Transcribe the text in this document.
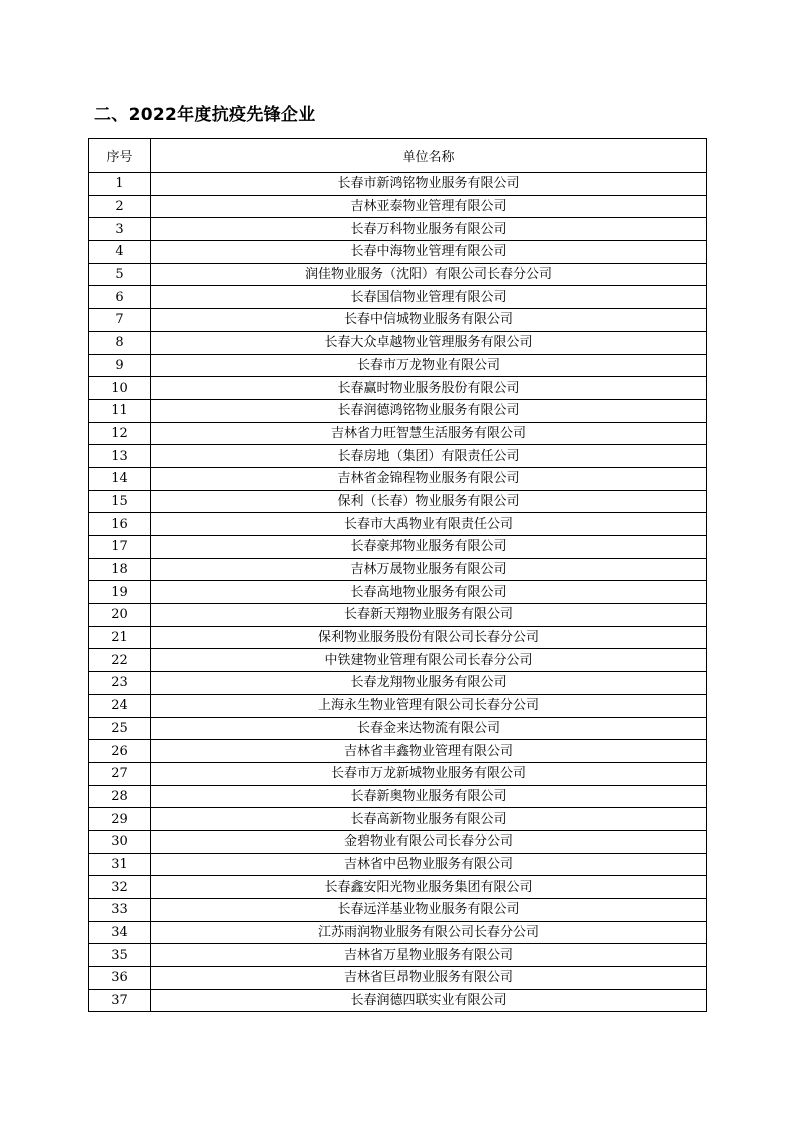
二、2022年度抗疫先锋企业
序号	单位名称
1	长春市新鸿铭物业服务有限公司
2	吉林亚泰物业管理有限公司
3	长春万科物业服务有限公司
4	长春中海物业管理有限公司
5	润佳物业服务（沈阳）有限公司长春分公司
6	长春国信物业管理有限公司
7	长春中信城物业服务有限公司
8	长春大众卓越物业管理服务有限公司
9	长春市万龙物业有限公司
10	长春赢时物业服务股份有限公司
11	长春润德鸿铭物业服务有限公司
12	吉林省力旺智慧生活服务有限公司
13	长春房地（集团）有限责任公司
14	吉林省金锦程物业服务有限公司
15	保利（长春）物业服务有限公司
16	长春市大禹物业有限责任公司
17	长春豪邦物业服务有限公司
18	吉林万晟物业服务有限公司
19	长春高地物业服务有限公司
20	长春新天翔物业服务有限公司
21	保利物业服务股份有限公司长春分公司
22	中铁建物业管理有限公司长春分公司
23	长春龙翔物业服务有限公司
24	上海永生物业管理有限公司长春分公司
25	长春金来达物流有限公司
26	吉林省丰鑫物业管理有限公司
27	长春市万龙新城物业服务有限公司
28	长春新奥物业服务有限公司
29	长春高新物业服务有限公司
30	金碧物业有限公司长春分公司
31	吉林省中邑物业服务有限公司
32	长春鑫安阳光物业服务集团有限公司
33	长春远洋基业物业服务有限公司
34	江苏雨润物业服务有限公司长春分公司
35	吉林省万星物业服务有限公司
36	吉林省巨昂物业服务有限公司
37	长春润德四联实业有限公司
